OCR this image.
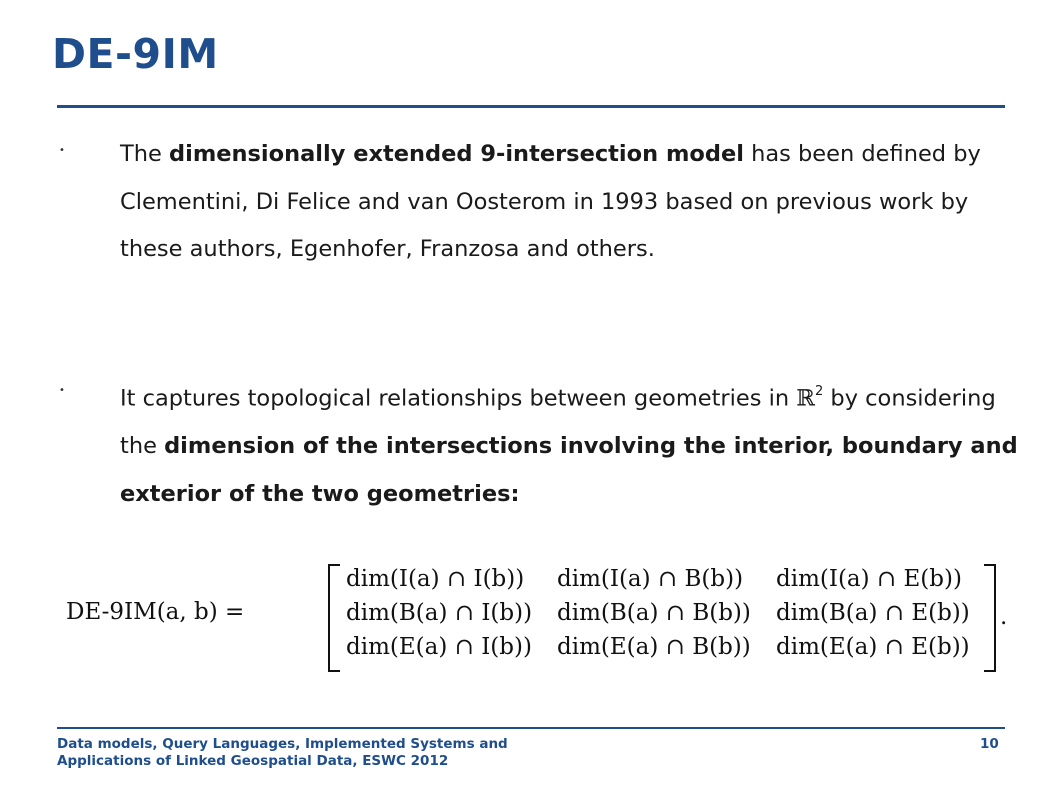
DE-9IM
• The dimensionally extended 9-intersection model has been defined by Clementini, Di Felice and van Oosterom in 1993 based on previous work by these authors, Egenhofer, Franzosa and others.

• It captures topological relationships between geometries in ℝ$^2$ by considering the dimension of the intersections involving the interior, boundary and exterior of the two geometries:

DE-9IM(a, b) =
dim(I(a) ∩ I(b)) dim(I(a) ∩ B(b)) dim(I(a) ∩ E(b))
dim(B(a) ∩ I(b)) dim(B(a) ∩ B(b)) dim(B(a) ∩ E(b))
dim(E(a) ∩ I(b)) dim(E(a) ∩ B(b)) dim(E(a) ∩ E(b))
.
Data models, Query Languages, Implemented Systems and
Applications of Linked Geospatial Data, ESWC 2012
10
